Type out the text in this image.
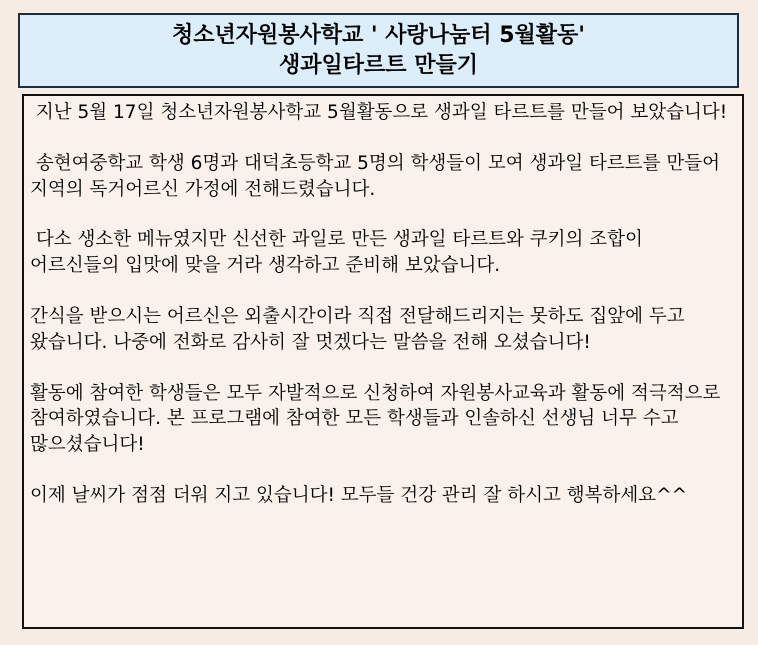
청소년자원봉사학교 ' 사랑나눔터 5월활동'
생과일타르트 만들기

지난 5월 17일 청소년자원봉사학교 5월활동으로 생과일 타르트를 만들어 보았습니다!

송현여중학교 학생 6명과 대덕초등학교 5명의 학생들이 모여 생과일 타르트를 만들어 지역의 독거어르신 가정에 전해드렸습니다.

다소 생소한 메뉴였지만 신선한 과일로 만든 생과일 타르트와 쿠키의 조합이 어르신들의 입맛에 맞을 거라 생각하고 준비해 보았습니다.

간식을 받으시는 어르신은 외출시간이라 직접 전달해드리지는 못하도 집앞에 두고 왔습니다. 나중에 전화로 감사히 잘 멋겠다는 말씀을 전해 오셨습니다!

활동에 참여한 학생들은 모두 자발적으로 신청하여 자원봉사교육과 활동에 적극적으로 참여하였습니다. 본 프로그램에 참여한 모든 학생들과 인솔하신 선생님 너무 수고 많으셨습니다!

이제 날씨가 점점 더워 지고 있습니다! 모두들 건강 관리 잘 하시고 행복하세요^^
